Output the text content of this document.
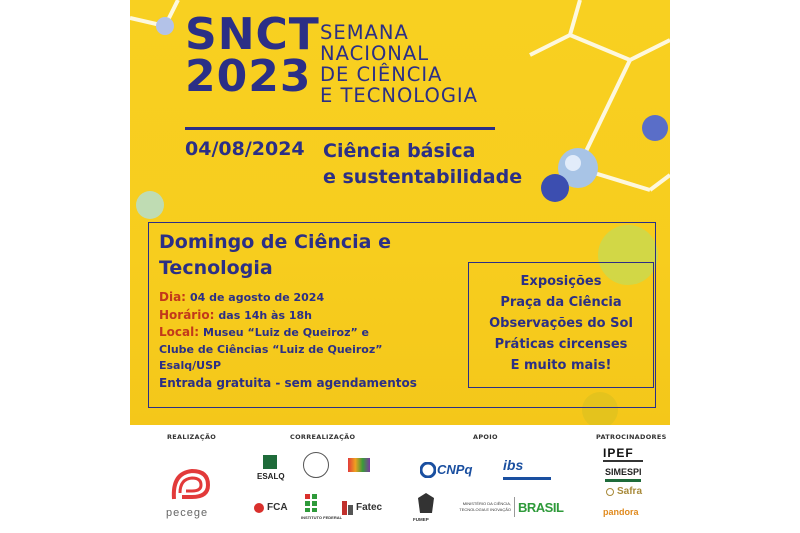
SNCT
2023
SEMANA
NACIONAL
DE CIÊNCIA
E TECNOLOGIA
04/08/2024 Ciência básica
e sustentabilidade
Domingo de Ciência e
Tecnologia
Dia: 04 de agosto de 2024
Horário: das 14h às 18h
Local: Museu “Luiz de Queiroz” e
Clube de Ciências “Luiz de Queiroz”
Esalq/USP
Entrada gratuita - sem agendamentos
Exposições
Praça da Ciência
Observações do Sol
Práticas circenses
E muito mais!
REALIZAÇÃO	CORREALIZAÇÃO	APOIO	PATROCINADORES
pecege
ESALQ
FCA
INSTITUTO FEDERAL
Fatec
CNPq ibs
FUMEP
MINISTÉRIO DA CIÊNCIA, TECNOLOGIA E INOVAÇÃO BRASIL
IPEF
SIMESPI
Safra
pandora
